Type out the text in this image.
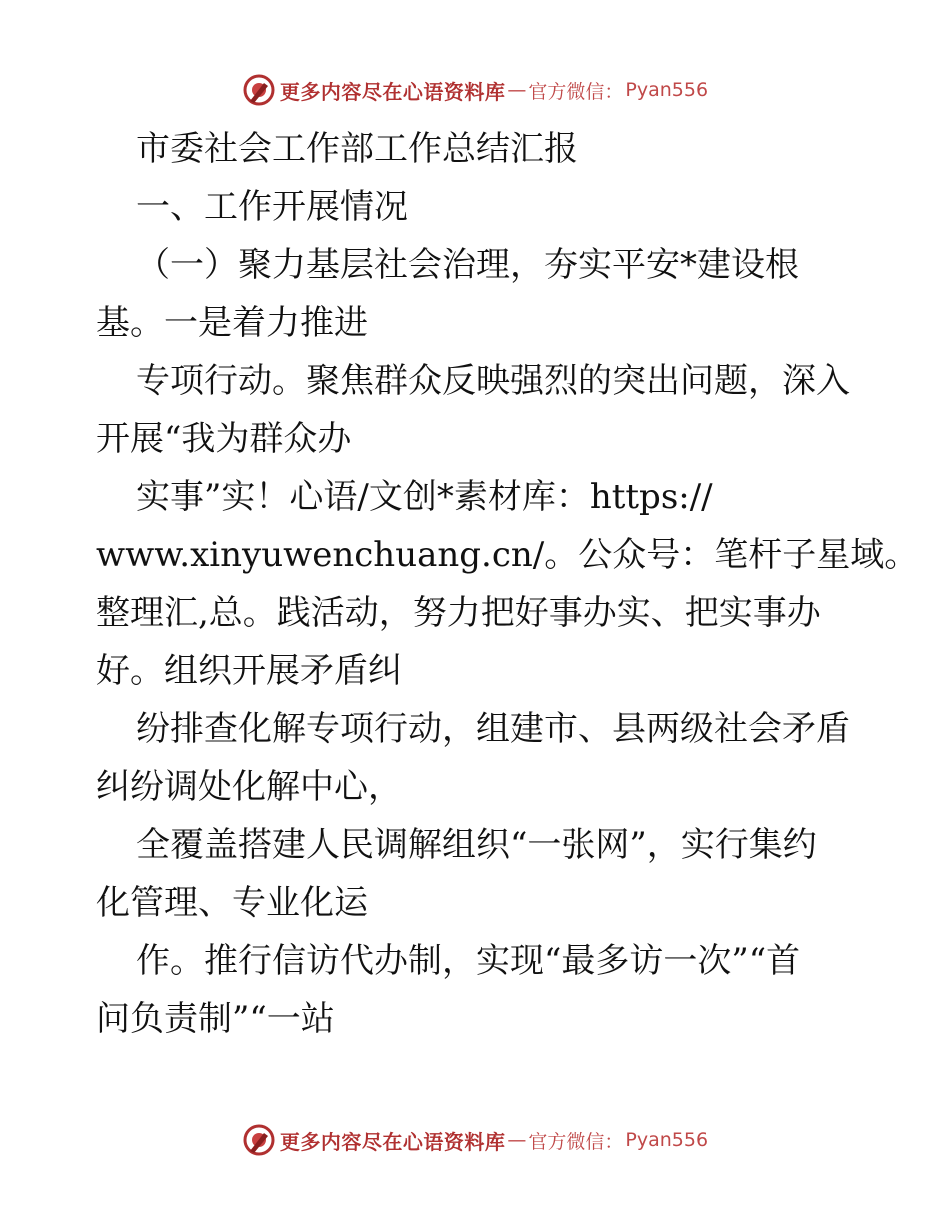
更多内容尽在心语资料库 — 官方微信： Pyan556
市委社会工作部工作总结汇报
一、工作开展情况
（一）聚力基层社会治理，夯实平安*建设根
基。一是着力推进
专项行动。聚焦群众反映强烈的突出问题，深入
开展“我为群众办
实事”实！心语/文创*素材库：https://
www.xinyuwenchuang.cn/。公众号：笔杆子星域。
整理汇,总。践活动，努力把好事办实、把实事办
好。组织开展矛盾纠
纷排查化解专项行动，组建市、县两级社会矛盾
纠纷调处化解中心，
全覆盖搭建人民调解组织“一张网”，实行集约
化管理、专业化运
作。推行信访代办制，实现“最多访一次”“首
问负责制”“一站
更多内容尽在心语资料库 — 官方微信： Pyan556
